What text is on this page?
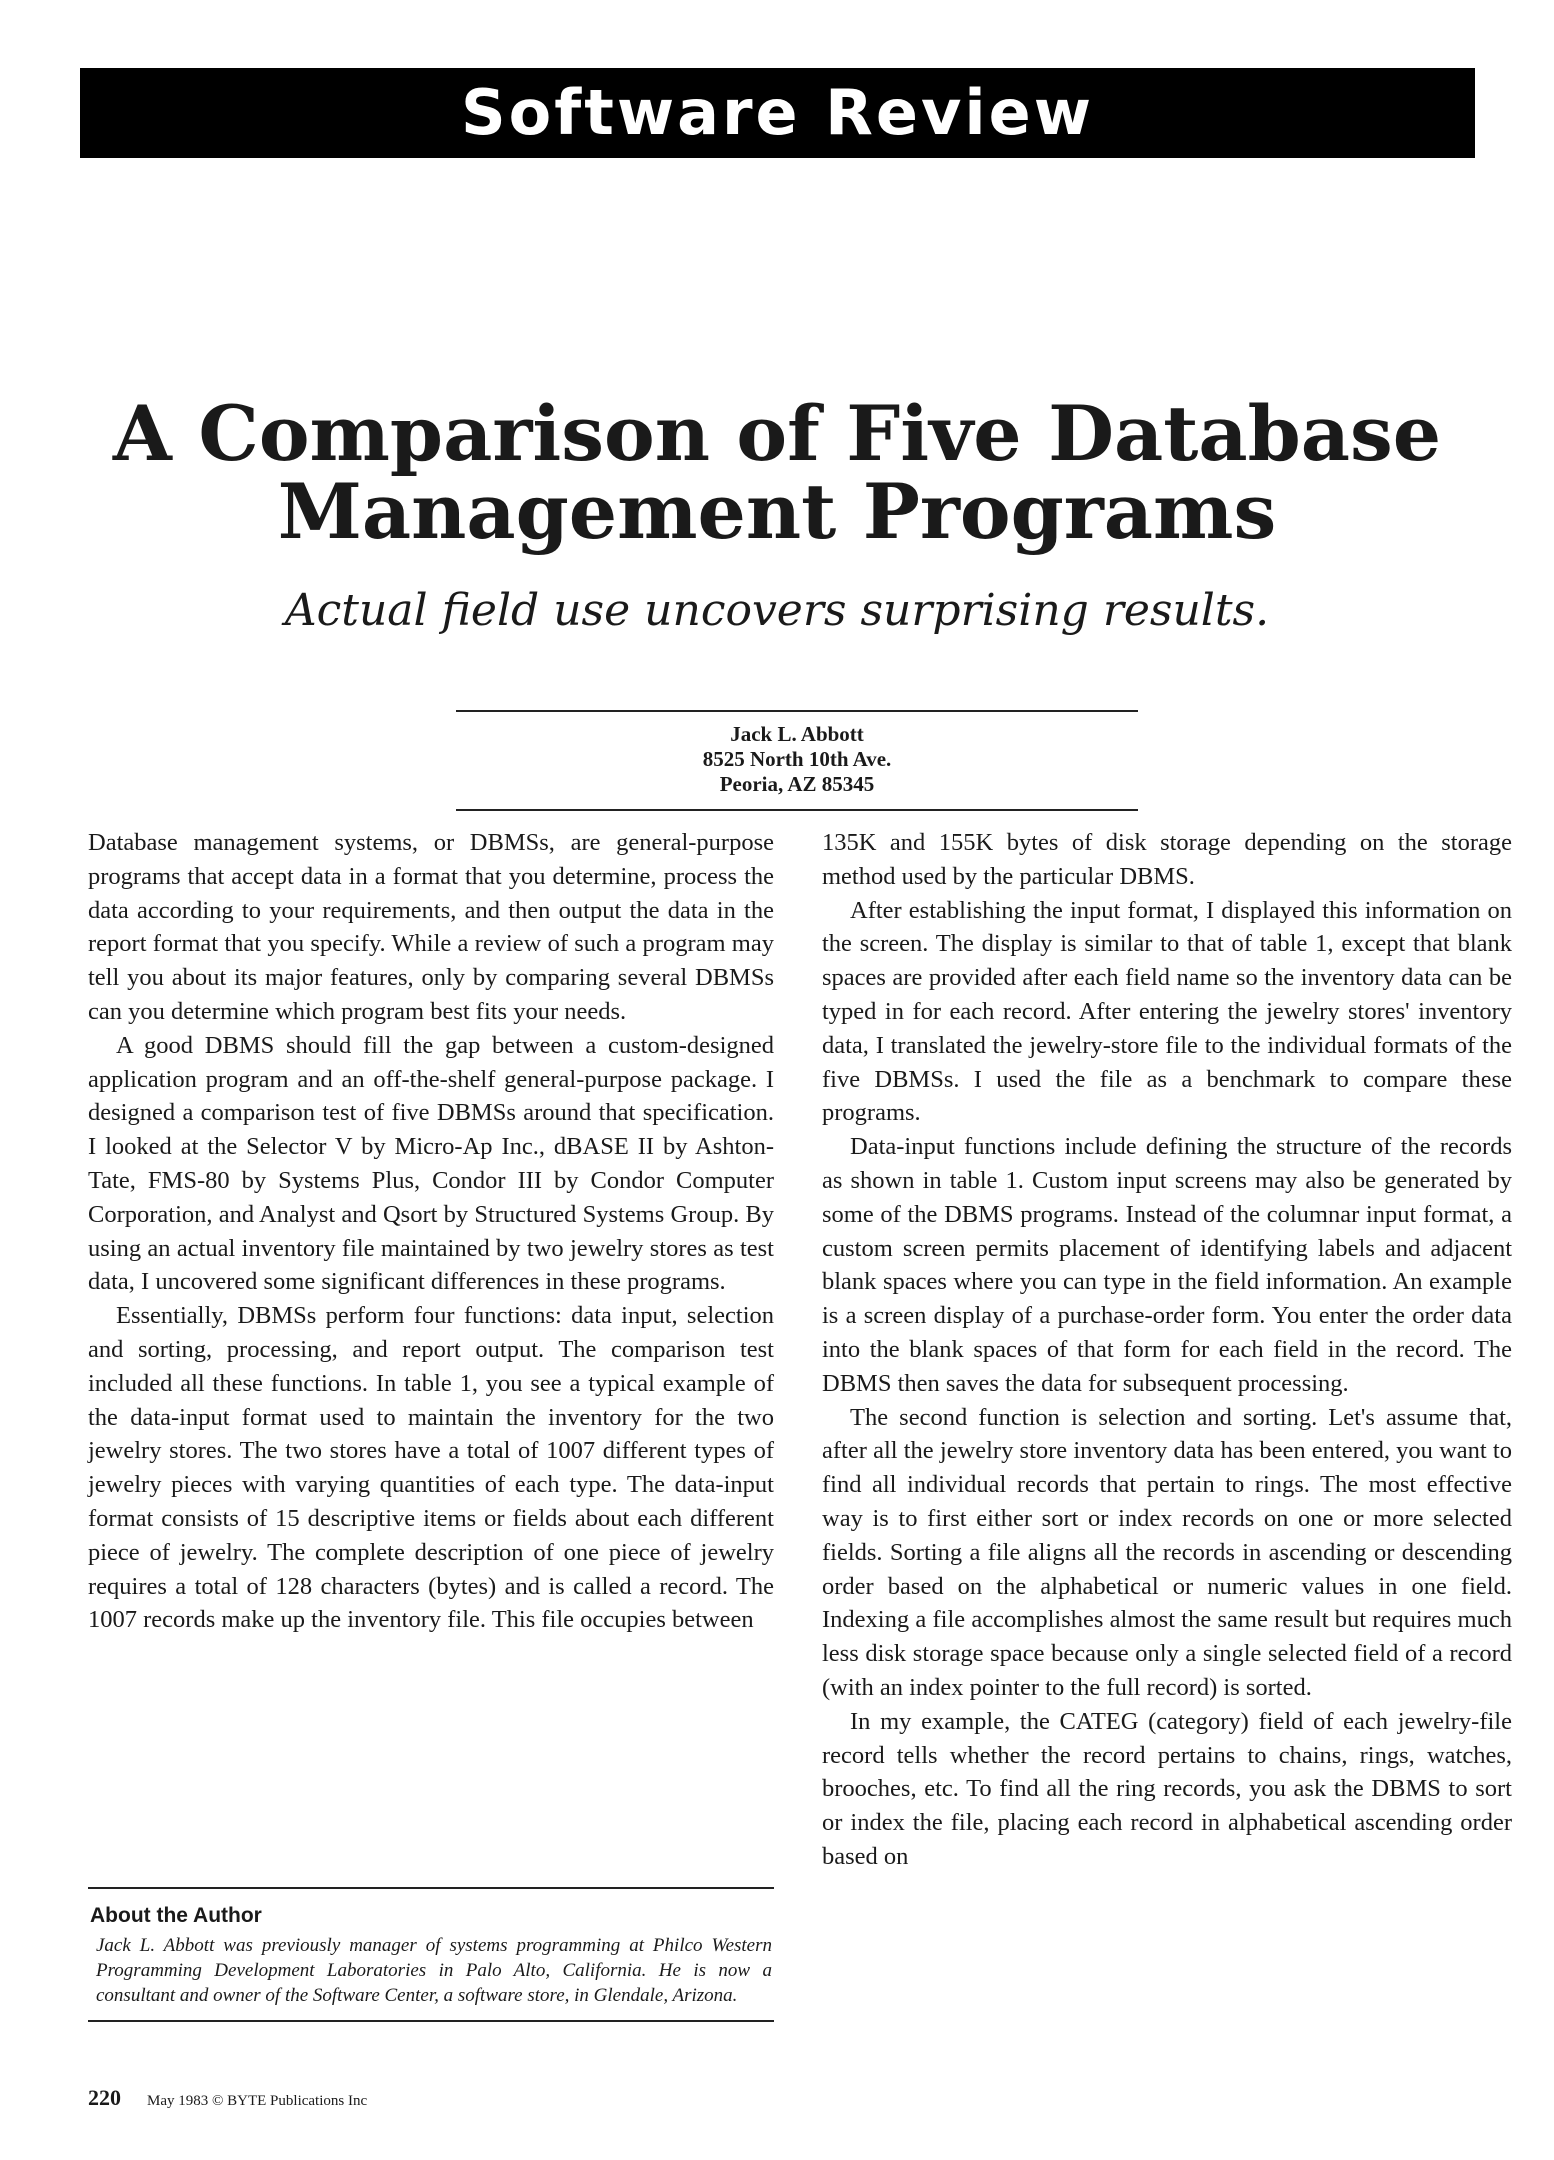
Software Review
A Comparison of Five Database
Management Programs
Actual field use uncovers surprising results.
Jack L. Abbott
8525 North 10th Ave.
Peoria, AZ 85345

Database management systems, or DBMSs, are general-purpose programs that accept data in a format that you determine, process the data according to your requirements, and then output the data in the report format that you specify. While a review of such a program may tell you about its major features, only by comparing several DBMSs can you determine which program best fits your needs.

A good DBMS should fill the gap between a custom-designed application program and an off-the-shelf general-purpose package. I designed a comparison test of five DBMSs around that specification. I looked at the Selector V by Micro-Ap Inc., dBASE II by Ashton-Tate, FMS-80 by Systems Plus, Condor III by Condor Computer Corporation, and Analyst and Qsort by Structured Systems Group. By using an actual inventory file maintained by two jewelry stores as test data, I uncovered some significant differences in these programs.

Essentially, DBMSs perform four functions: data input, selection and sorting, processing, and report output. The comparison test included all these functions. In table 1, you see a typical example of the data-input format used to maintain the inventory for the two jewelry stores. The two stores have a total of 1007 different types of jewelry pieces with varying quantities of each type. The data-input format consists of 15 descriptive items or fields about each different piece of jewelry. The complete description of one piece of jewelry requires a total of 128 characters (bytes) and is called a record. The 1007 records make up the inventory file. This file occupies between

135K and 155K bytes of disk storage depending on the storage method used by the particular DBMS.

After establishing the input format, I displayed this information on the screen. The display is similar to that of table 1, except that blank spaces are provided after each field name so the inventory data can be typed in for each record. After entering the jewelry stores' inventory data, I translated the jewelry-store file to the individual formats of the five DBMSs. I used the file as a benchmark to compare these programs.

Data-input functions include defining the structure of the records as shown in table 1. Custom input screens may also be generated by some of the DBMS programs. Instead of the columnar input format, a custom screen permits placement of identifying labels and adjacent blank spaces where you can type in the field information. An example is a screen display of a purchase-order form. You enter the order data into the blank spaces of that form for each field in the record. The DBMS then saves the data for subsequent processing.

The second function is selection and sorting. Let's assume that, after all the jewelry store inventory data has been entered, you want to find all individual records that pertain to rings. The most effective way is to first either sort or index records on one or more selected fields. Sorting a file aligns all the records in ascending or descending order based on the alphabetical or numeric values in one field. Indexing a file accomplishes almost the same result but requires much less disk storage space because only a single selected field of a record (with an index pointer to the full record) is sorted.

In my example, the CATEG (category) field of each jewelry-file record tells whether the record pertains to chains, rings, watches, brooches, etc. To find all the ring records, you ask the DBMS to sort or index the file, placing each record in alphabetical ascending order based on

About the Author
Jack L. Abbott was previously manager of systems programming at Philco Western Programming Development Laboratories in Palo Alto, California. He is now a consultant and owner of the Software Center, a software store, in Glendale, Arizona.
220 May 1983 © BYTE Publications Inc
